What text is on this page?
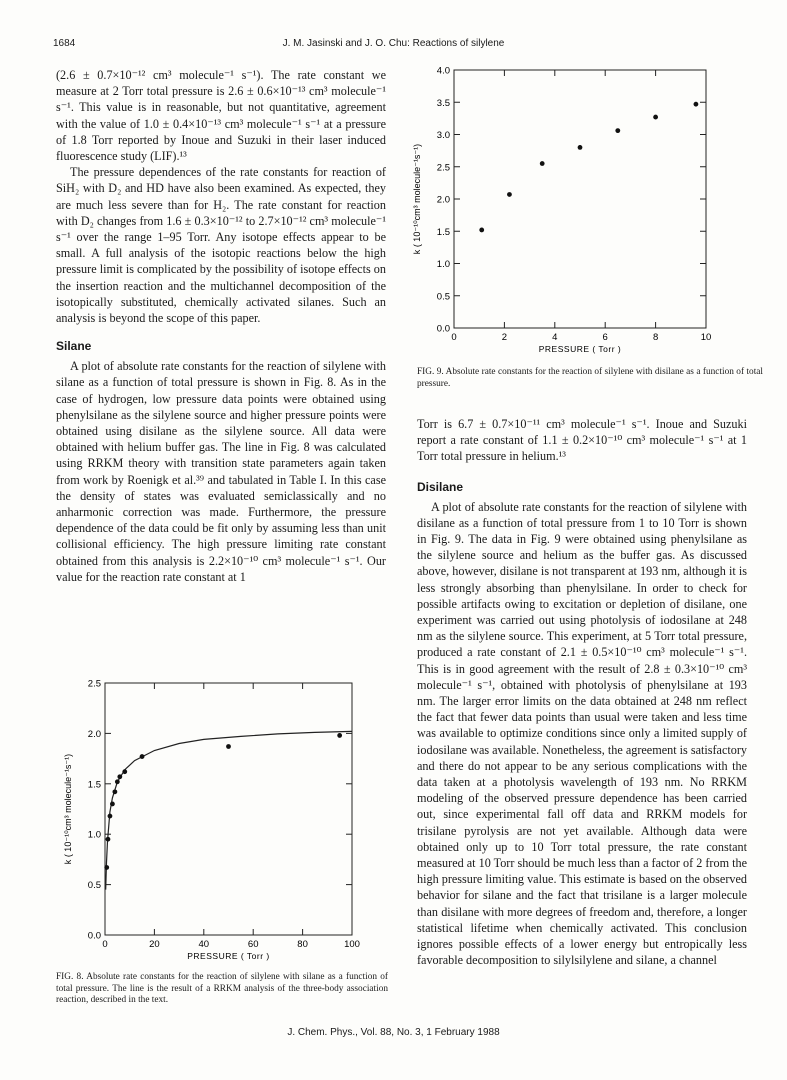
1684	J. M. Jasinski and J. O. Chu: Reactions of silylene

(2.6 ± 0.7×10⁻¹² cm³ molecule⁻¹ s⁻¹). The rate constant we measure at 2 Torr total pressure is 2.6 ± 0.6×10⁻¹³ cm³ molecule⁻¹ s⁻¹. This value is in reasonable, but not quantitative, agreement with the value of 1.0 ± 0.4×10⁻¹³ cm³ molecule⁻¹ s⁻¹ at a pressure of 1.8 Torr reported by Inoue and Suzuki in their laser induced fluorescence study (LIF).¹³

The pressure dependences of the rate constants for reaction of SiH₂ with D₂ and HD have also been examined. As expected, they are much less severe than for H₂. The rate constant for reaction with D₂ changes from 1.6 ± 0.3×10⁻¹² to 2.7×10⁻¹² cm³ molecule⁻¹ s⁻¹ over the range 1–95 Torr. Any isotope effects appear to be small. A full analysis of the isotopic reactions below the high pressure limit is complicated by the possibility of isotope effects on the insertion reaction and the multichannel decomposition of the isotopically substituted, chemically activated silanes. Such an analysis is beyond the scope of this paper.

Silane

A plot of absolute rate constants for the reaction of silylene with silane as a function of total pressure is shown in Fig. 8. As in the case of hydrogen, low pressure data points were obtained using phenylsilane as the silylene source and higher pressure points were obtained using disilane as the silylene source. All data were obtained with helium buffer gas. The line in Fig. 8 was calculated using RRKM theory with transition state parameters again taken from work by Roenigk et al.³⁹ and tabulated in Table I. In this case the density of states was evaluated semiclassically and no anharmonic correction was made. Furthermore, the pressure dependence of the data could be fit only by assuming less than unit collisional efficiency. The high pressure limiting rate constant obtained from this analysis is 2.2×10⁻¹⁰ cm³ molecule⁻¹ s⁻¹. Our value for the reaction rate constant at 1

0	2	4	6	8	10
0.0
0.5
1.0
1.5
2.0
2.5
3.0
3.5
4.0
PRESSURE ( Torr )
k ( 10⁻¹⁰cm³ molecule⁻¹s⁻¹)
FIG. 9. Absolute rate constants for the reaction of silylene with disilane as a function of total pressure.
0	20	40	60	80	100
0.0
0.5
1.0
1.5
2.0
2.5
PRESSURE ( Torr )
k ( 10⁻¹⁰cm³ molecule⁻¹s⁻¹)
FIG. 8. Absolute rate constants for the reaction of silylene with silane as a function of total pressure. The line is the result of a RRKM analysis of the three-body association reaction, described in the text.

Torr is 6.7 ± 0.7×10⁻¹¹ cm³ molecule⁻¹ s⁻¹. Inoue and Suzuki report a rate constant of 1.1 ± 0.2×10⁻¹⁰ cm³ molecule⁻¹ s⁻¹ at 1 Torr total pressure in helium.¹³

Disilane

A plot of absolute rate constants for the reaction of silylene with disilane as a function of total pressure from 1 to 10 Torr is shown in Fig. 9. The data in Fig. 9 were obtained using phenylsilane as the silylene source and helium as the buffer gas. As discussed above, however, disilane is not transparent at 193 nm, although it is less strongly absorbing than phenylsilane. In order to check for possible artifacts owing to excitation or depletion of disilane, one experiment was carried out using photolysis of iodosilane at 248 nm as the silylene source. This experiment, at 5 Torr total pressure, produced a rate constant of 2.1 ± 0.5×10⁻¹⁰ cm³ molecule⁻¹ s⁻¹. This is in good agreement with the result of 2.8 ± 0.3×10⁻¹⁰ cm³ molecule⁻¹ s⁻¹, obtained with photolysis of phenylsilane at 193 nm. The larger error limits on the data obtained at 248 nm reflect the fact that fewer data points than usual were taken and less time was available to optimize conditions since only a limited supply of iodosilane was available. Nonetheless, the agreement is satisfactory and there do not appear to be any serious complications with the data taken at a photolysis wavelength of 193 nm. No RRKM modeling of the observed pressure dependence has been carried out, since experimental fall off data and RRKM models for trisilane pyrolysis are not yet available. Although data were obtained only up to 10 Torr total pressure, the rate constant measured at 10 Torr should be much less than a factor of 2 from the high pressure limiting value. This estimate is based on the observed behavior for silane and the fact that trisilane is a larger molecule than disilane with more degrees of freedom and, therefore, a longer statistical lifetime when chemically activated. This conclusion ignores possible effects of a lower energy but entropically less favorable decomposition to silylsilylene and silane, a channel

J. Chem. Phys., Vol. 88, No. 3, 1 February 1988
